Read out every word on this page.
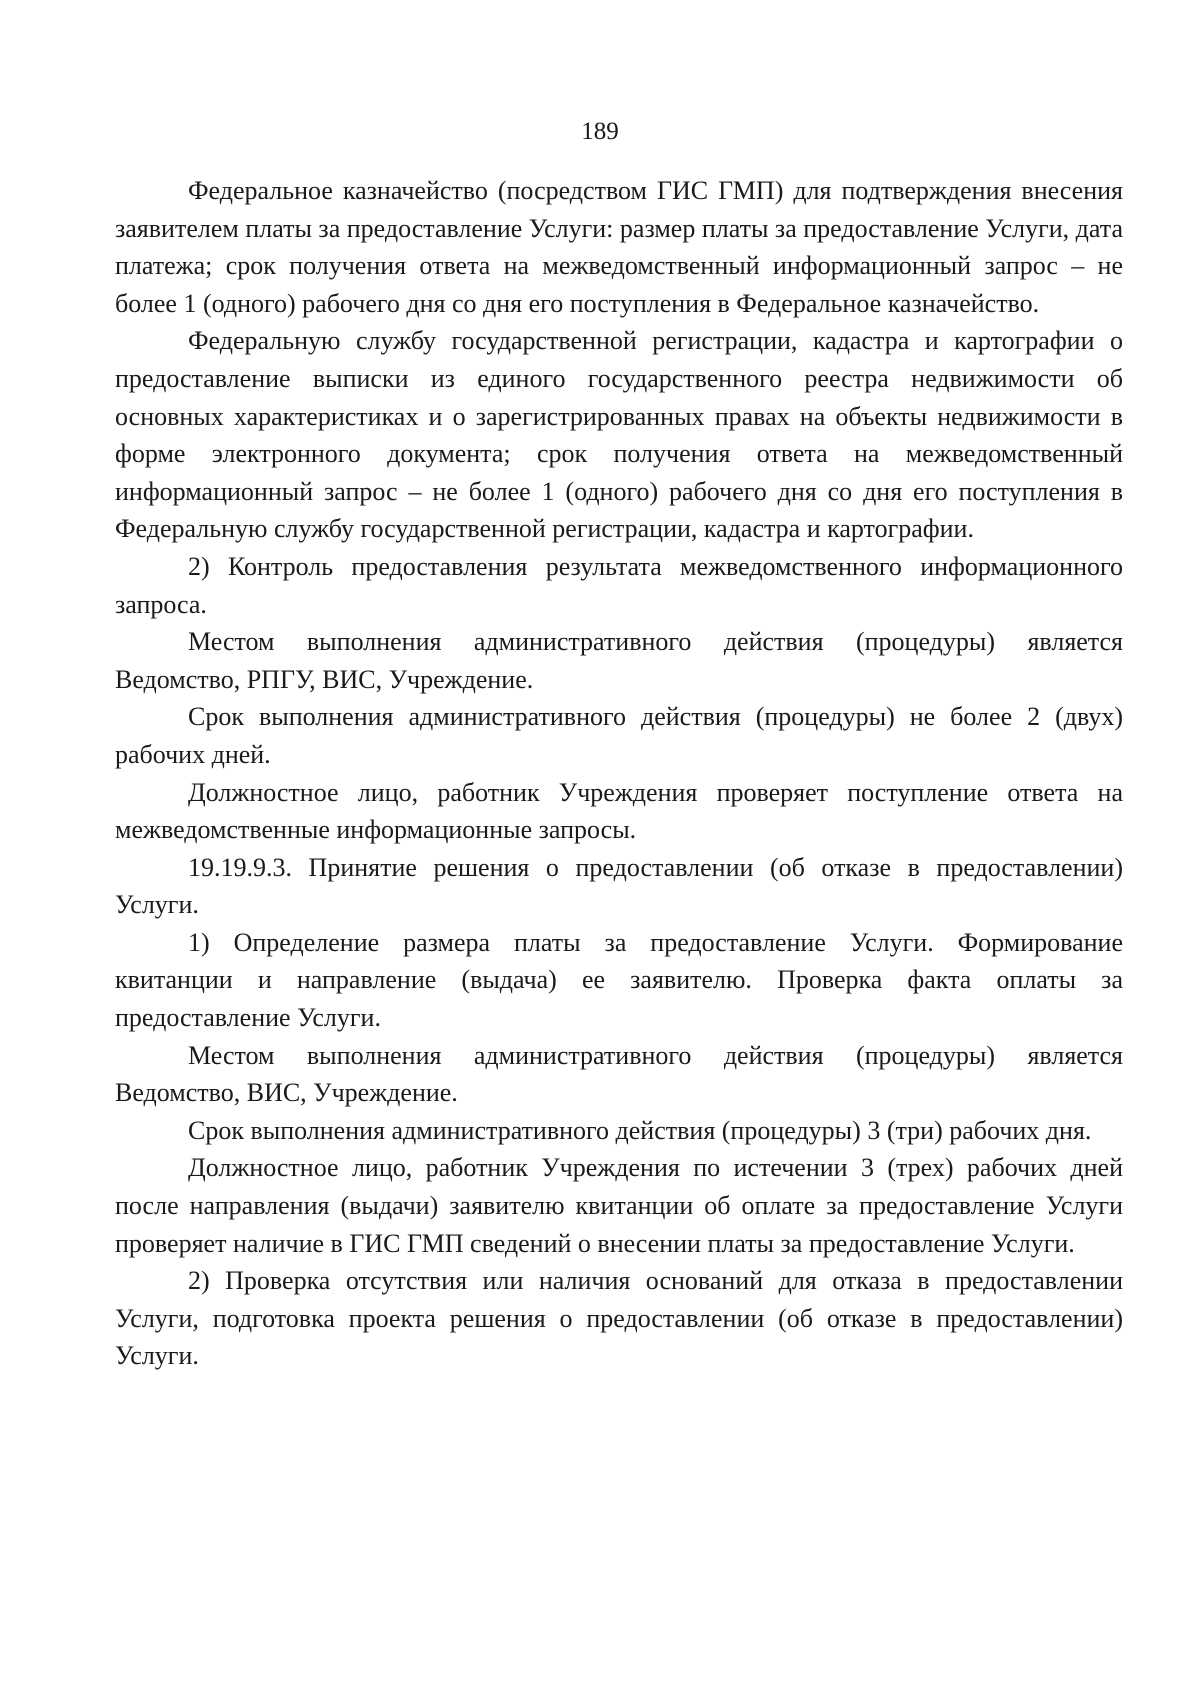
189

Федеральное казначейство (посредством ГИС ГМП) для подтверждения внесения заявителем платы за предоставление Услуги: размер платы за предоставление Услуги, дата платежа; срок получения ответа на межведомственный информационный запрос – не более 1 (одного) рабочего дня со дня его поступления в Федеральное казначейство.

Федеральную службу государственной регистрации, кадастра и картографии о предоставление выписки из единого государственного реестра недвижимости об основных характеристиках и о зарегистрированных правах на объекты недвижимости в форме электронного документа; срок получения ответа на межведомственный информационный запрос – не более 1 (одного) рабочего дня со дня его поступления в Федеральную службу государственной регистрации, кадастра и картографии.

2) Контроль предоставления результата межведомственного информационного запроса.

Местом выполнения административного действия (процедуры) является Ведомство, РПГУ, ВИС, Учреждение.

Срок выполнения административного действия (процедуры) не более 2 (двух) рабочих дней.

Должностное лицо, работник Учреждения проверяет поступление ответа на межведомственные информационные запросы.

19.19.9.3. Принятие решения о предоставлении (об отказе в предоставлении) Услуги.

1) Определение размера платы за предоставление Услуги. Формирование квитанции и направление (выдача) ее заявителю. Проверка факта оплаты за предоставление Услуги.

Местом выполнения административного действия (процедуры) является Ведомство, ВИС, Учреждение.

Срок выполнения административного действия (процедуры) 3 (три) рабочих дня.

Должностное лицо, работник Учреждения по истечении 3 (трех) рабочих дней после направления (выдачи) заявителю квитанции об оплате за предоставление Услуги проверяет наличие в ГИС ГМП сведений о внесении платы за предоставление Услуги.

2) Проверка отсутствия или наличия оснований для отказа в предоставлении Услуги, подготовка проекта решения о предоставлении (об отказе в предоставлении) Услуги.
